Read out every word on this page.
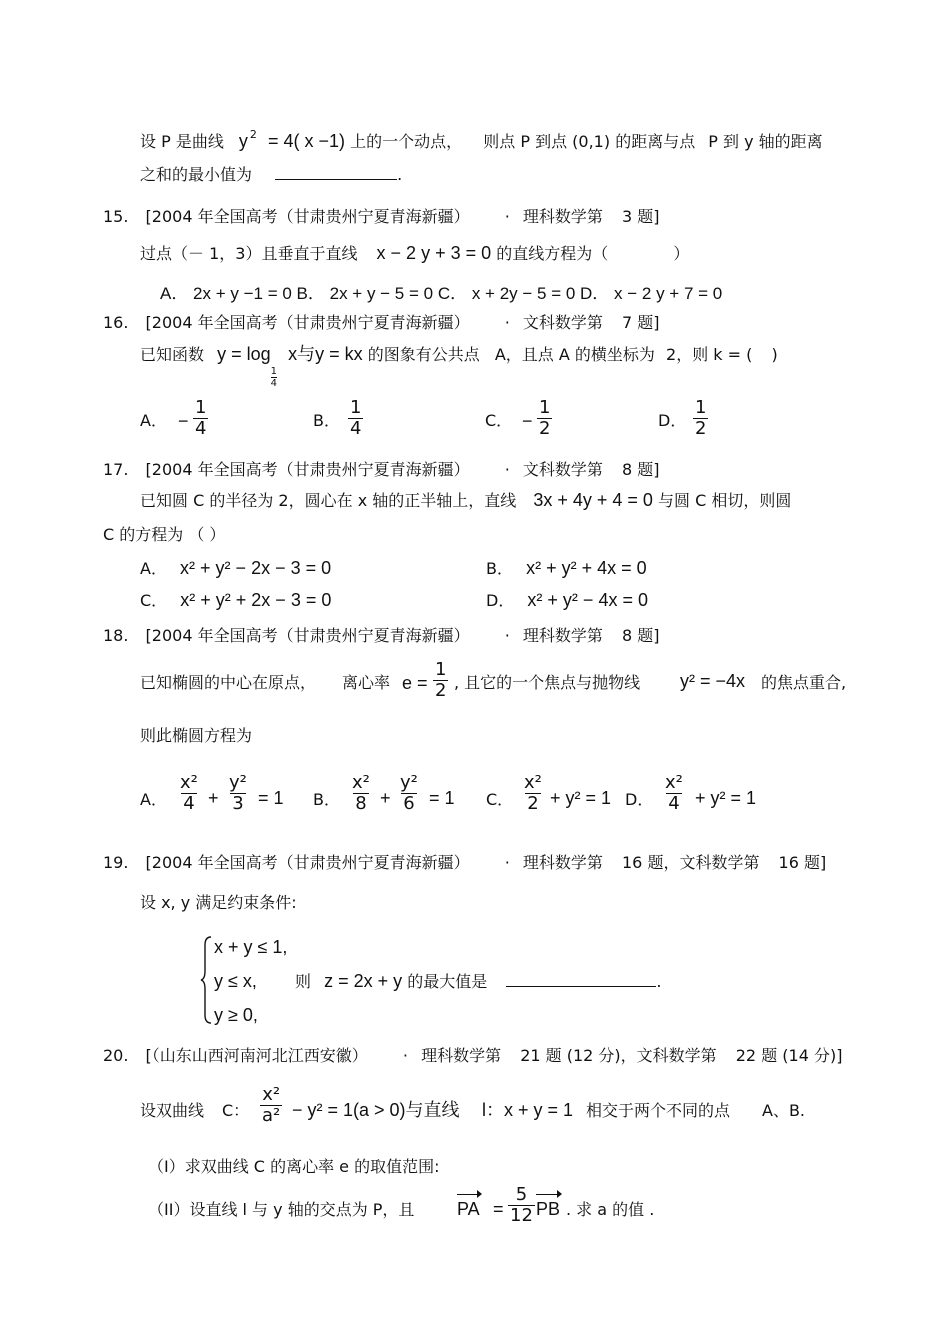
设 P 是曲线 y $^2$ = 4( x −1) 上的一个动点， 则点 P 到点 (0,1) 的距离与点 P 到 y 轴的距离
之和的最小值为	.
15. [2004 年全国高考（甘肃贵州宁夏青海新疆） · 理科数学第 3 题]
过点（－ 1，3）且垂直于直线 x − 2 y + 3 = 0 的直线方程为（	）
A． 2x + y −1 = 0 B． 2x + y − 5 = 0 C． x + 2y − 5 = 0 D． x − 2 y + 7 = 0
16. [2004 年全国高考（甘肃贵州宁夏青海新疆） · 文科数学第 7 题]
已知函数 y = log
$\frac{1}{4}$
x与y = kx 的图象有公共点 A，且点 A 的横坐标为 2，则 k = ( )
A． − $\frac{1}{4}$	B． $\frac{1}{4}$	C． − $\frac{1}{2}$	D． $\frac{1}{2}$
17. [2004 年全国高考（甘肃贵州宁夏青海新疆） · 文科数学第 8 题]
已知圆 C 的半径为 2，圆心在 x 轴的正半轴上，直线 3x + 4y + 4 = 0 与圆 C 相切，则圆
C 的方程为 （ ）
A． x² + y² − 2x − 3 = 0	B． x² + y² + 4x = 0
C． x² + y² + 2x − 3 = 0	D． x² + y² − 4x = 0
18. [2004 年全国高考（甘肃贵州宁夏青海新疆） · 理科数学第 8 题]
已知椭圆的中心在原点， 离心率 $e = \frac{1}{2}$ , 且它的一个焦点与抛物线 y² = −4x 的焦点重合,
则此椭圆方程为
A． $\frac{\text{x²}}{4} + \frac{\text{y²}}{3} = 1$ B． $\frac{\text{x²}}{8} + \frac{\text{y²}}{6} = 1$ C． $\frac{\text{x²}}{2} + y^2 = 1$ D． $\frac{\text{x²}}{4} + y^2 = 1$
19. [2004 年全国高考（甘肃贵州宁夏青海新疆） · 理科数学第 16 题，文科数学第 16 题]
设 x, y 满足约束条件:
x + y ≤ 1,
y ≤ x,
y ≥ 0,
则 z = 2x + y 的最大值是	.
20. [（山东山西河南河北江西安徽） · 理科数学第 21 题 (12 分)，文科数学第 22 题 (14 分)]
设双曲线 C： $\frac{\text{x²}}{\text{a²}} - y^2 = 1(a > 0)$与直线 l：x + y = 1 相交于两个不同的点 A、B.
（I）求双曲线 C 的离心率 e 的取值范围:
（II）设直线 l 与 y 轴的交点为 P，且 PA = $\frac{5}{12}$ PB . 求 a 的值 .
